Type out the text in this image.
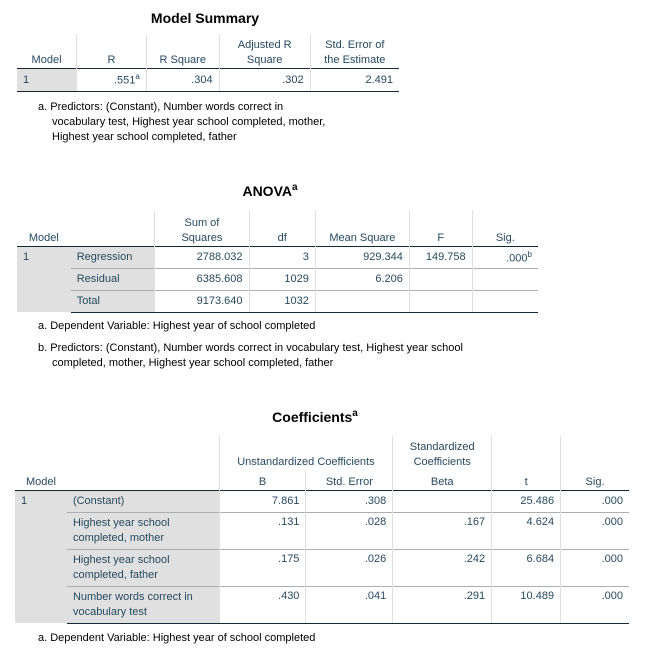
Model Summary
Model	R	R Square	Adjusted R
Square	Std. Error of
the Estimate
1	.551$^a$	.304	.302	2.491
a. Predictors: (Constant), Number words correct in
vocabulary test, Highest year school completed, mother,
Highest year school completed, father
ANOVA$^a$
Model		Sum of
Squares	df	Mean Square	F	Sig.
1	Regression	2788.032	3	929.344	149.758	.000$^b$
	Residual	6385.608	1029	6.206		
	Total	9173.640	1032			
a. Dependent Variable: Highest year of school completed
b. Predictors: (Constant), Number words correct in vocabulary test, Highest year school
completed, mother, Highest year school completed, father
Coefficients$^a$
		Unstandardized Coefficients		Standardized
Coefficients		
Model		B	Std. Error	Beta	t	Sig.
1	(Constant)	7.861	.308		25.486	.000
	Highest year school
completed, mother	.131	.028	.167	4.624	.000
	Highest year school
completed, father	.175	.026	.242	6.684	.000
	Number words correct in
vocabulary test	.430	.041	.291	10.489	.000
a. Dependent Variable: Highest year of school completed
